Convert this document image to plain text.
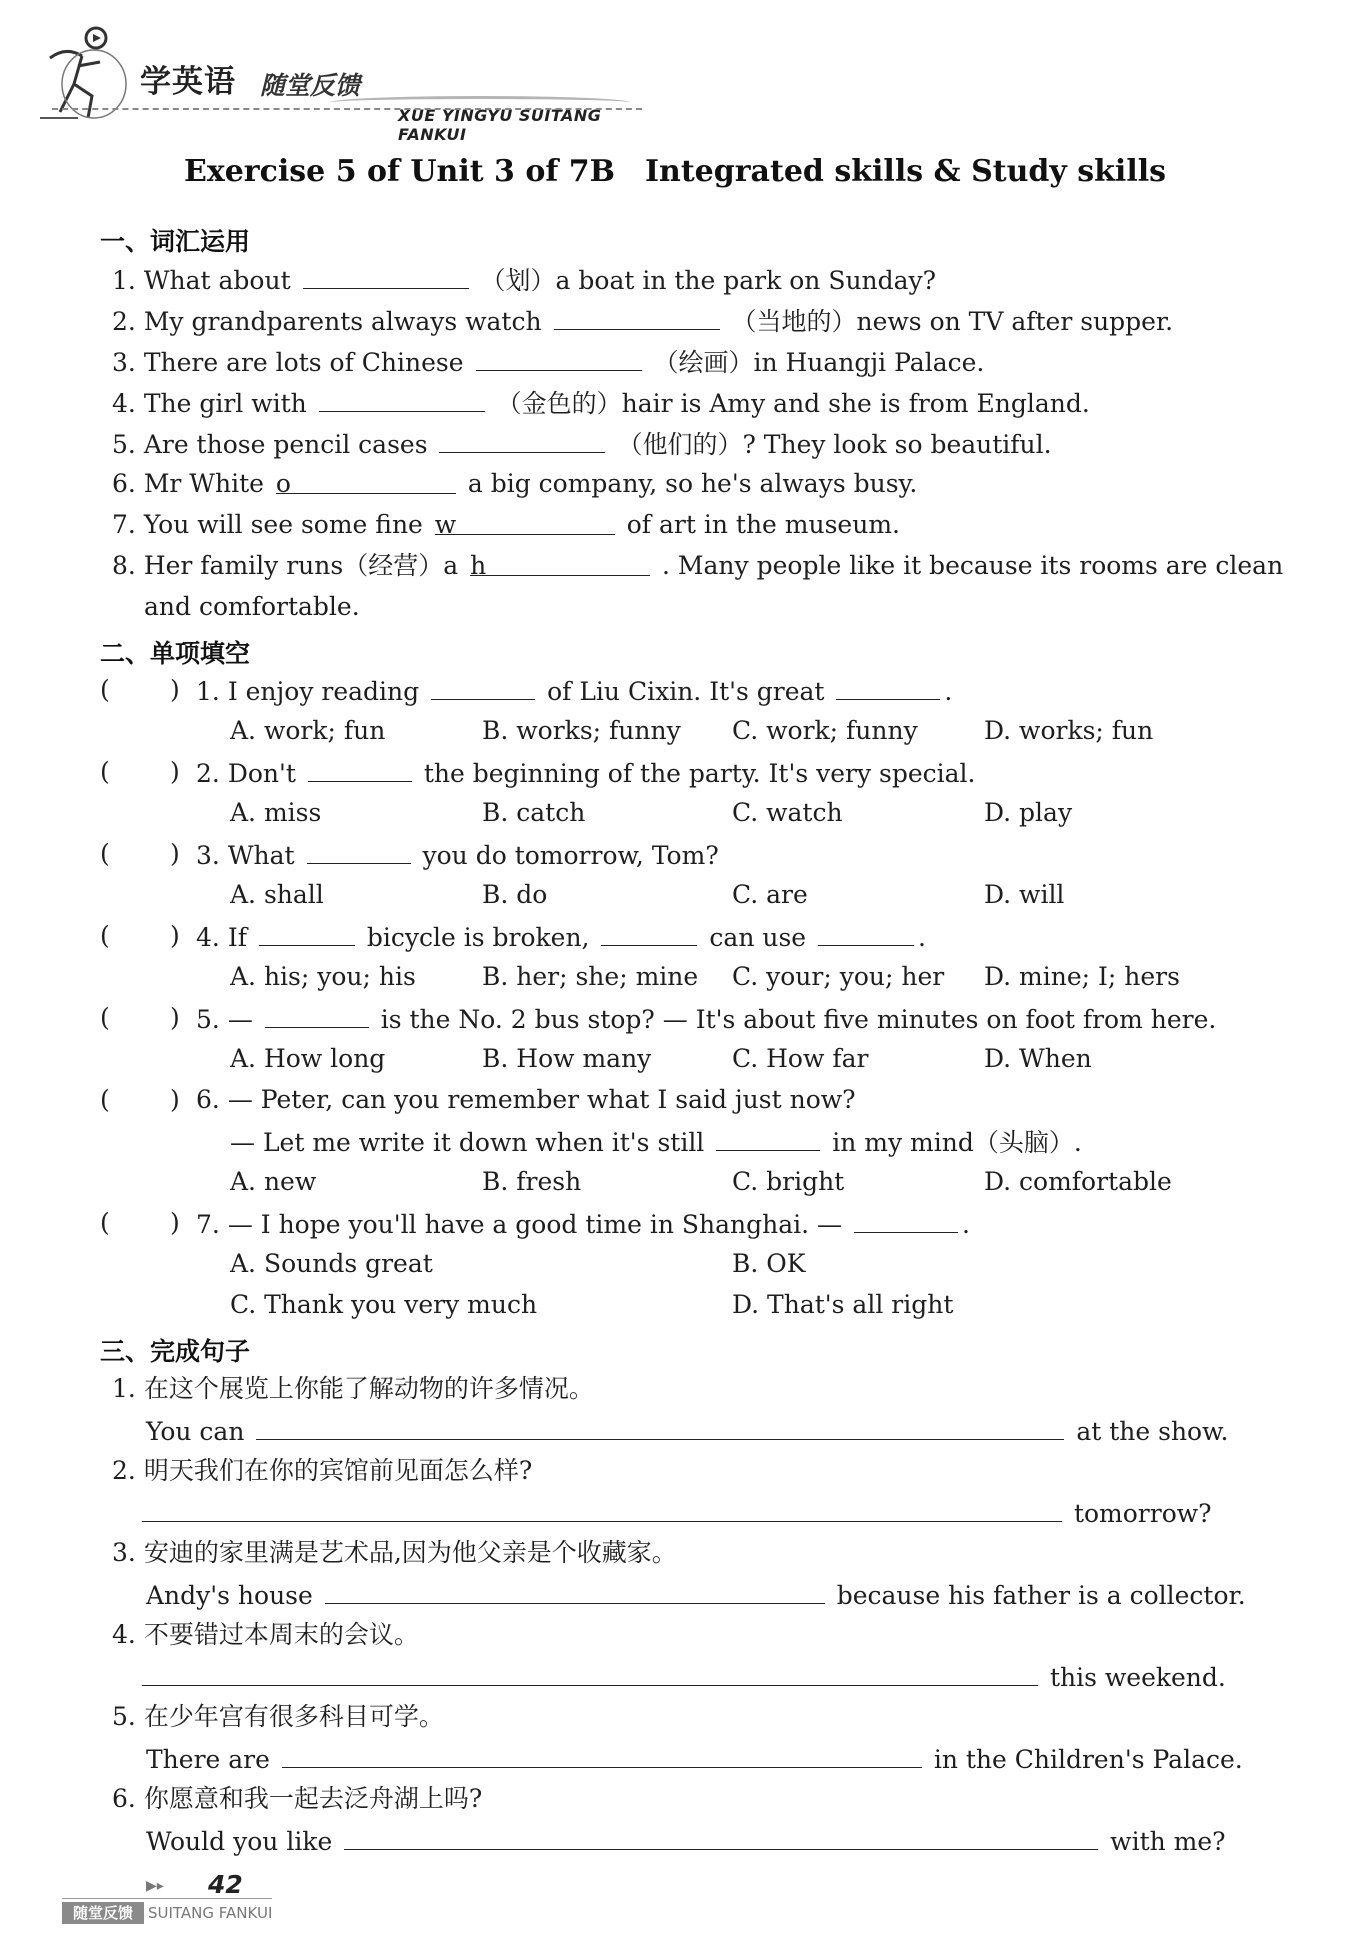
学英语 随堂反馈
XUE YINGYU SUITANG FANKUI
Exercise 5 of Unit 3 of 7B Integrated skills & Study skills
一、词汇运用
1. What about	（划）a boat in the park on Sunday?
2. My grandparents always watch	（当地的）news on TV after supper.
3. There are lots of Chinese	（绘画）in Huangji Palace.
4. The girl with	（金色的）hair is Amy and she is from England.
5. Are those pencil cases	（他们的）? They look so beautiful.
6. Mr White o	a big company, so he's always busy.
7. You will see some fine w	of art in the museum.
8. Her family runs（经营）a h	. Many people like it because its rooms are clean
and comfortable.
二、单项填空
( ) 1. I enjoy reading	of Liu Cixin. It's great	.
A. work; fun	B. works; funny C. work; funny	D. works; fun
( ) 2. Don't	the beginning of the party. It's very special.
A. miss	B. catch	C. watch	D. play
( ) 3. What	you do tomorrow, Tom?
A. shall	B. do	C. are	D. will
( ) 4. If	bicycle is broken,	can use	.
A. his; you; his	B. her; she; mine C. your; you; her D. mine; I; hers
( ) 5. —	is the No. 2 bus stop? — It's about five minutes on foot from here.
A. How long	B. How many	C. How far	D. When
( ) 6. — Peter, can you remember what I said just now?
— Let me write it down when it's still	in my mind（头脑）.
A. new	B. fresh	C. bright	D. comfortable
( ) 7. — I hope you'll have a good time in Shanghai. —	.
A. Sounds great	B. OK
C. Thank you very much	D. That's all right
三、完成句子
1. 在这个展览上你能了解动物的许多情况。
You can	at the show.
2. 明天我们在你的宾馆前见面怎么样?
tomorrow?
3. 安迪的家里满是艺术品,因为他父亲是个收藏家。
Andy's house	because his father is a collector.
4. 不要错过本周末的会议。
this weekend.
5. 在少年宫有很多科目可学。
There are	in the Children's Palace.
6. 你愿意和我一起去泛舟湖上吗?
Would you like	with me?
▶▸ 42
随堂反馈	SUITANG FANKUI
